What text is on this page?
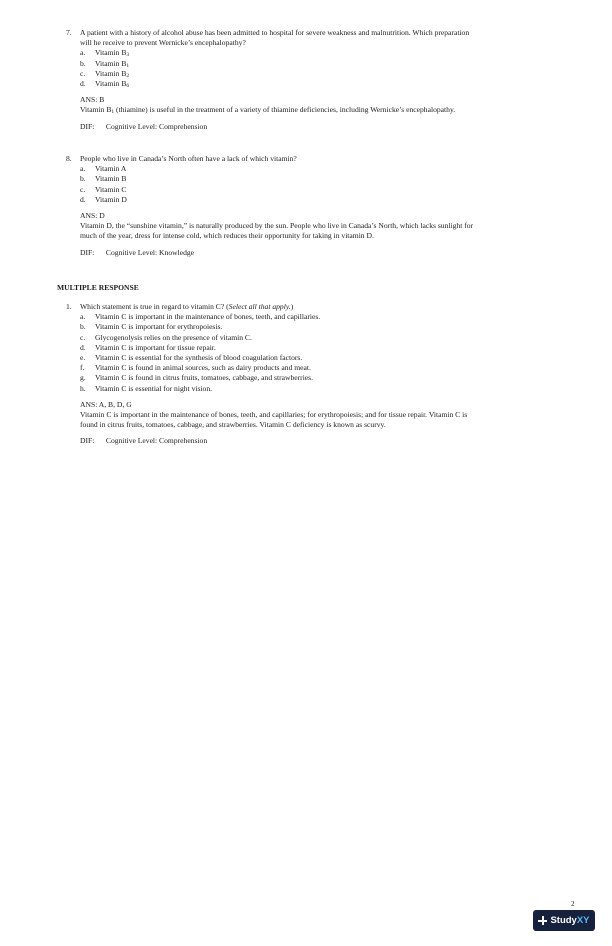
7. A patient with a history of alcohol abuse has been admitted to hospital for severe weakness and malnutrition. Which preparation
will he receive to prevent Wernicke’s encephalopathy?
a. Vitamin $B_3$
b. Vitamin $B_1$
c. Vitamin $B_2$
d. Vitamin $B_6$
ANS: B
Vitamin $B_1$ (thiamine) is useful in the treatment of a variety of thiamine deficiencies, including Wernicke’s encephalopathy.
DIF: Cognitive Level: Comprehension
8. People who live in Canada’s North often have a lack of which vitamin?
a. Vitamin A
b. Vitamin B
c. Vitamin C
d. Vitamin D
ANS: D
Vitamin D, the “sunshine vitamin,” is naturally produced by the sun. People who live in Canada’s North, which lacks sunlight for
much of the year, dress for intense cold, which reduces their opportunity for taking in vitamin D.
DIF: Cognitive Level: Knowledge
MULTIPLE RESPONSE
1. Which statement is true in regard to vitamin C? (Select all that apply.)
a. Vitamin C is important in the maintenance of bones, teeth, and capillaries.
b. Vitamin C is important for erythropoiesis.
c. Glycogenolysis relies on the presence of vitamin C.
d. Vitamin C is important for tissue repair.
e. Vitamin C is essential for the synthesis of blood coagulation factors.
f. Vitamin C is found in animal sources, such as dairy products and meat.
g. Vitamin C is found in citrus fruits, tomatoes, cabbage, and strawberries.
h. Vitamin C is essential for night vision.
ANS: A, B, D, G
Vitamin C is important in the maintenance of bones, teeth, and capillaries; for erythropoiesis; and for tissue repair. Vitamin C is
found in citrus fruits, tomatoes, cabbage, and strawberries. Vitamin C deficiency is known as scurvy.
DIF: Cognitive Level: Comprehension
2
StudyXY
